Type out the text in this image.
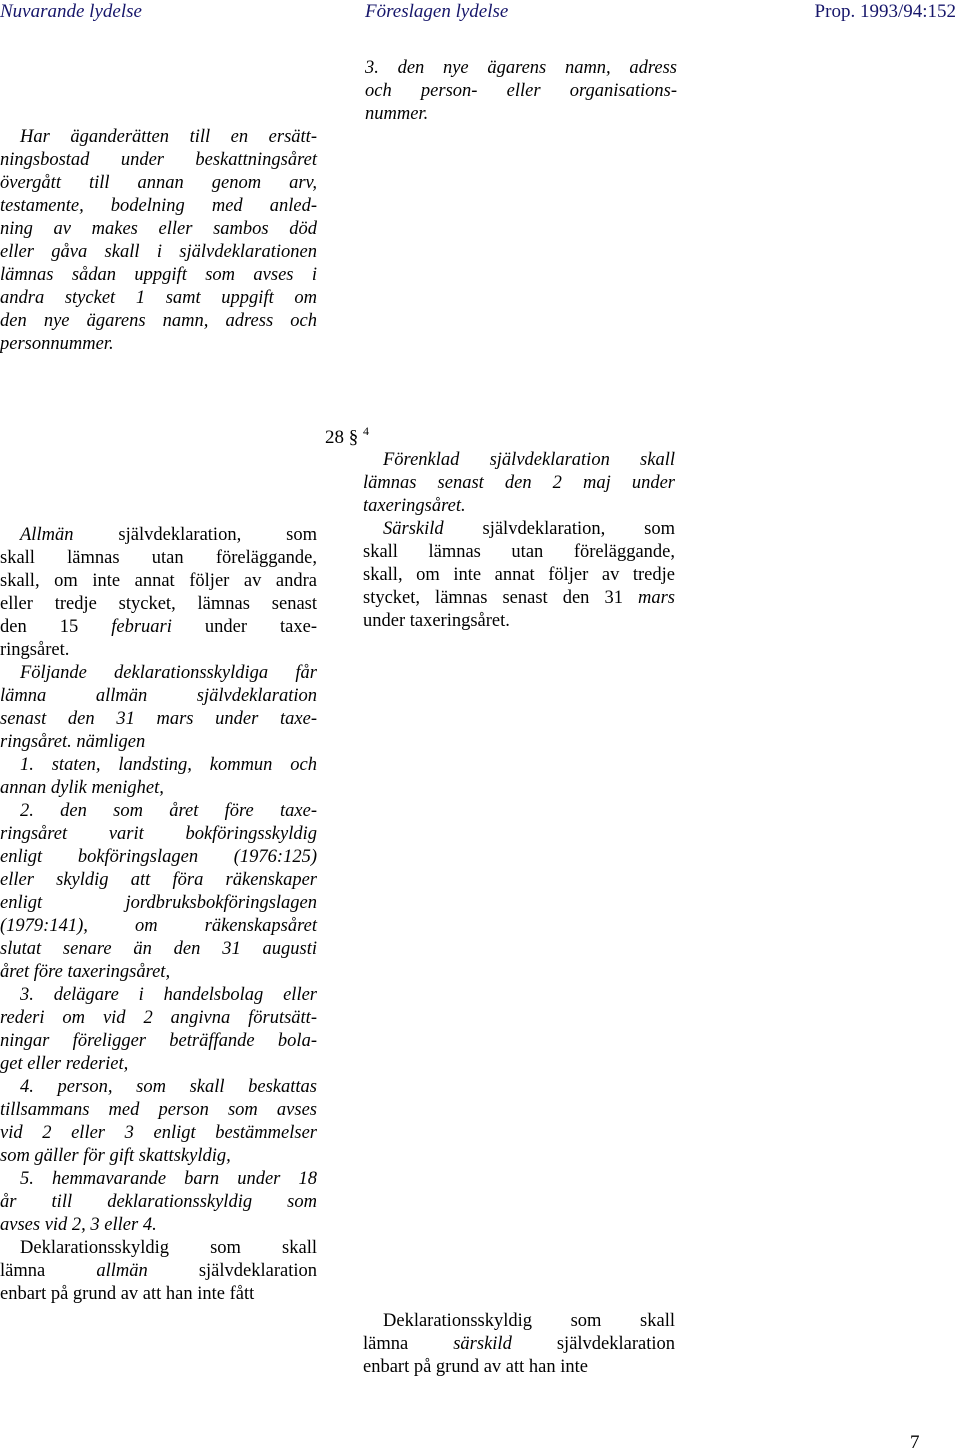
Nuvarande lydelse	Föreslagen lydelse	Prop. 1993/94:152

3. den nye ägarens namn, adress
och person- eller organisations-
nummer.

Har äganderätten till en ersätt-
ningsbostad under beskattningsåret
övergått till annan genom arv,
testamente, bodelning med anled-
ning av makes eller sambos död
eller gåva skall i självdeklarationen
lämnas sådan uppgift som avses i
andra stycket 1 samt uppgift om
den nye ägarens namn, adress och
personnummer.

28 § $^4$

Allmän självdeklaration, som
skall lämnas utan föreläggande,
skall, om inte annat följer av andra
eller tredje stycket, lämnas senast
den 15 februari under taxe-
ringsåret.

Följande deklarationsskyldiga får
lämna allmän självdeklaration
senast den 31 mars under taxe-
ringsåret. nämligen

1. staten, landsting, kommun och
annan dylik menighet,

2. den som året före taxe-
ringsåret varit bokföringsskyldig
enligt bokföringslagen (1976:125)
eller skyldig att föra räkenskaper
enligt jordbruksbokföringslagen
(1979:141), om räkenskapsåret
slutat senare än den 31 augusti
året före taxeringsåret,

3. delägare i handelsbolag eller
rederi om vid 2 angivna förutsätt-
ningar föreligger beträffande bola-
get eller rederiet,

4. person, som skall beskattas
tillsammans med person som avses
vid 2 eller 3 enligt bestämmelser
som gäller för gift skattskyldig,

5. hemmavarande barn under 18
år till deklarationsskyldig som
avses vid 2, 3 eller 4.

Deklarationsskyldig som skall
lämna allmän självdeklaration
enbart på grund av att han inte fått

Förenklad självdeklaration skall
lämnas senast den 2 maj under
taxeringsåret.

Särskild självdeklaration, som
skall lämnas utan föreläggande,
skall, om inte annat följer av tredje
stycket, lämnas senast den 31 mars
under taxeringsåret.

Deklarationsskyldig som skall
lämna särskild självdeklaration
enbart på grund av att han inte

7
